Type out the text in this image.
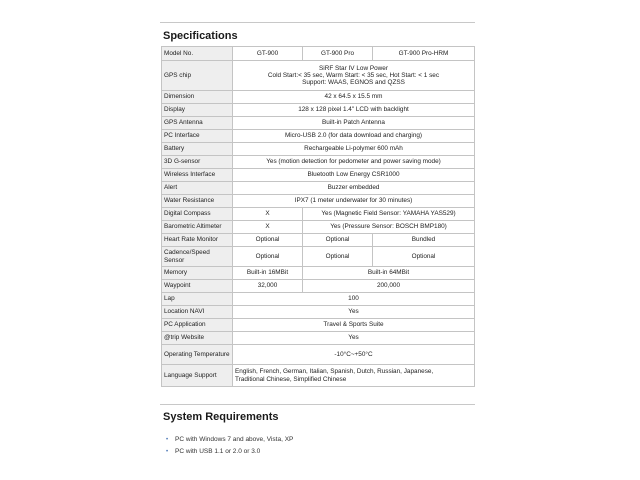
Specifications
Model No.	GT-900	GT-900 Pro	GT-900 Pro-HRM
GPS chip	SiRF Star IV Low Power
Cold Start:< 35 sec, Warm Start: < 35 sec, Hot Start: < 1 sec
Support: WAAS, EGNOS and QZSS		

Dimension	42 x 64.5 x 15.5 mm		
Display	128 x 128 pixel 1.4" LCD with backlight		
GPS Antenna	Built-in Patch Antenna		
PC Interface	Micro-USB 2.0 (for data download and charging)		
Battery	Rechargeable Li-polymer 600 mAh		
3D G-sensor	Yes (motion detection for pedometer and power saving mode)		
Wireless Interface	Bluetooth Low Energy CSR1000		
Alert	Buzzer embedded		
Water Resistance	IPX7 (1 meter underwater for 30 minutes)		
Digital Compass	X	Yes (Magnetic Field Sensor: YAMAHA YAS529)	
Barometric Altimeter	X	Yes (Pressure Sensor: BOSCH BMP180)	
Heart Rate Monitor	Optional	Optional	Bundled
Cadence/Speed Sensor	Optional	Optional	Optional
Memory	Built-in 16MBit	Built-in 64MBit	
Waypoint	32,000	200,000	
Lap	100		
Location NAVI	Yes		
PC Application	Travel & Sports Suite		
@trip Website	Yes		
Operating Temperature	-10°C~+50°C		
Language Support	English, French, German, Italian, Spanish, Dutch, Russian, Japanese,
Traditional Chinese, Simplified Chinese		
System Requirements
• PC with Windows 7 and above, Vista, XP
• PC with USB 1.1 or 2.0 or 3.0
